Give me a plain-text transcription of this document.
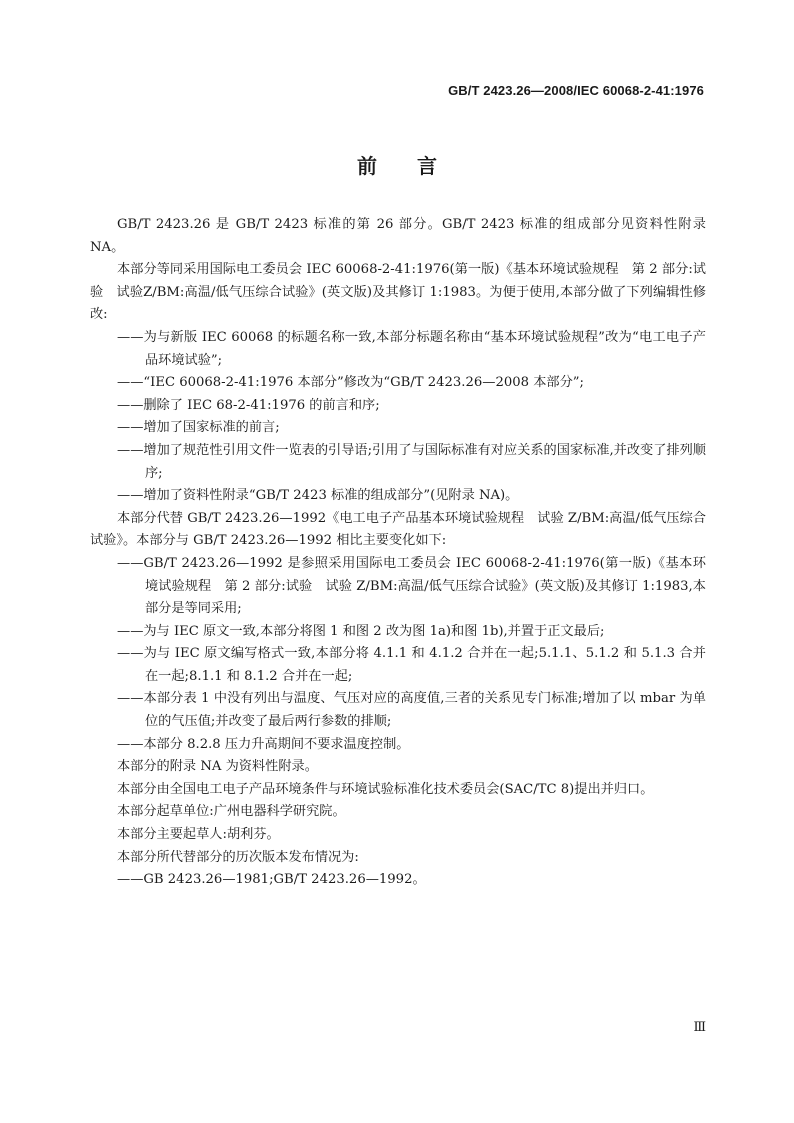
GB/T 2423.26—2008/IEC 60068-2-41:1976
前言

GB/T 2423.26 是 GB/T 2423 标准的第 26 部分。GB/T 2423 标准的组成部分见资料性附录 NA。

本部分等同采用国际电工委员会 IEC 60068-2-41:1976(第一版)《基本环境试验规程　第 2 部分:试验　试验Z/BM:高温/低气压综合试验》(英文版)及其修订 1:1983。为便于使用,本部分做了下列编辑性修改:

——为与新版 IEC 60068 的标题名称一致,本部分标题名称由“基本环境试验规程”改为“电工电子产品环境试验”;

——“IEC 60068-2-41:1976 本部分”修改为“GB/T 2423.26—2008 本部分”;

——删除了 IEC 68-2-41:1976 的前言和序;

——增加了国家标准的前言;

——增加了规范性引用文件一览表的引导语;引用了与国际标准有对应关系的国家标准,并改变了排列顺序;

——增加了资料性附录“GB/T 2423 标准的组成部分”(见附录 NA)。

本部分代替 GB/T 2423.26—1992《电工电子产品基本环境试验规程　试验 Z/BM:高温/低气压综合试验》。本部分与 GB/T 2423.26—1992 相比主要变化如下:

——GB/T 2423.26—1992 是参照采用国际电工委员会 IEC 60068-2-41:1976(第一版)《基本环境试验规程　第 2 部分:试验　试验 Z/BM:高温/低气压综合试验》(英文版)及其修订 1:1983,本部分是等同采用;

——为与 IEC 原文一致,本部分将图 1 和图 2 改为图 1a)和图 1b),并置于正文最后;

——为与 IEC 原文编写格式一致,本部分将 4.1.1 和 4.1.2 合并在一起;5.1.1、5.1.2 和 5.1.3 合并在一起;8.1.1 和 8.1.2 合并在一起;

——本部分表 1 中没有列出与温度、气压对应的高度值,三者的关系见专门标准;增加了以 mbar 为单位的气压值;并改变了最后两行参数的排顺;

——本部分 8.2.8 压力升高期间不要求温度控制。

本部分的附录 NA 为资料性附录。

本部分由全国电工电子产品环境条件与环境试验标准化技术委员会(SAC/TC 8)提出并归口。

本部分起草单位:广州电器科学研究院。

本部分主要起草人:胡利芬。

本部分所代替部分的历次版本发布情况为:

——GB 2423.26—1981;GB/T 2423.26—1992。

Ⅲ
